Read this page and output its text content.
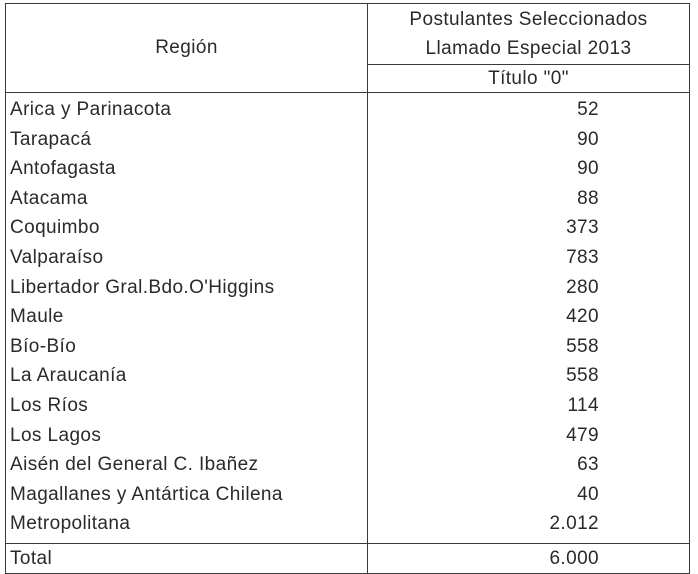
Región	Postulantes Seleccionados
Llamado Especial 2013

	Título "0"
Arica y Parinacota	52
Tarapacá	90
Antofagasta	90
Atacama	88
Coquimbo	373
Valparaíso	783
Libertador Gral.Bdo.O'Higgins	280
Maule	420
Bío-Bío	558
La Araucanía	558
Los Ríos	114
Los Lagos	479
Aisén del General C. Ibañez	63
Magallanes y Antártica Chilena	40
Metropolitana	2.012
Total	6.000
